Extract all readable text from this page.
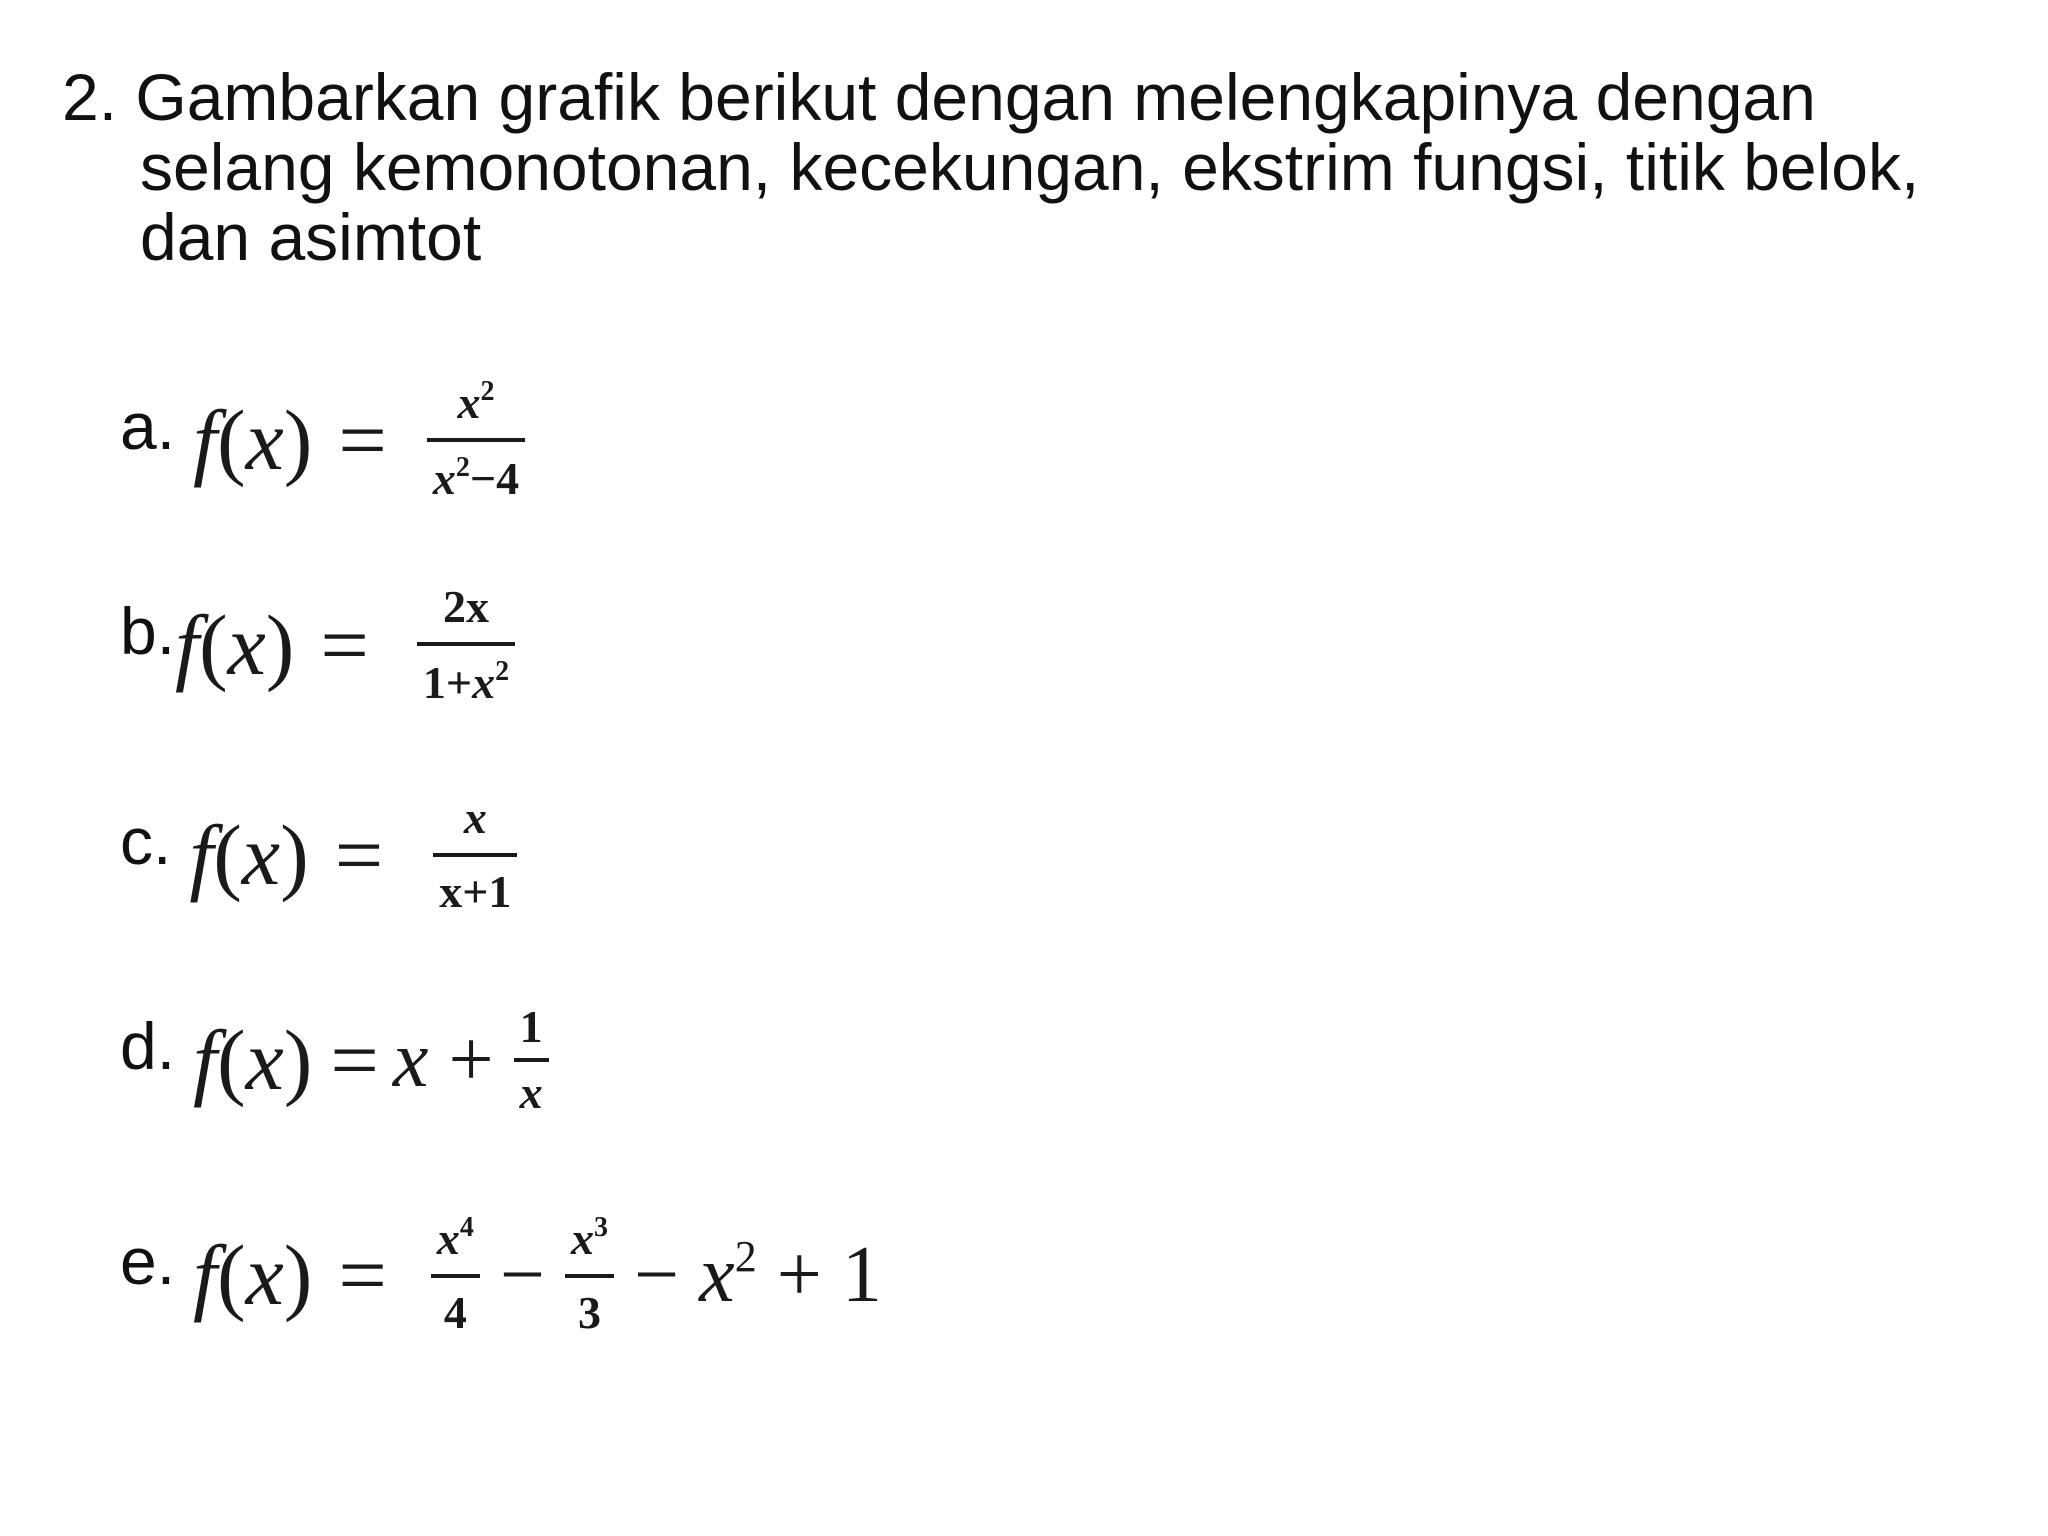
2. Gambarkan grafik berikut dengan melengkapinya dengan
selang kemonotonan, kecekungan, ekstrim fungsi, titik belok,
dan asimtot
a. f ( x ) = $\frac{x^2}{x^2-4}$
b. f ( x ) = $\frac{2x}{1+x^2}$
c. f ( x ) = $\frac{x}{x+1}$
d. f ( x ) = $x + \frac{1}{x}$
e. f ( x ) = $\frac{x^4}{4} - \frac{x^3}{3} - x^2 + 1$
